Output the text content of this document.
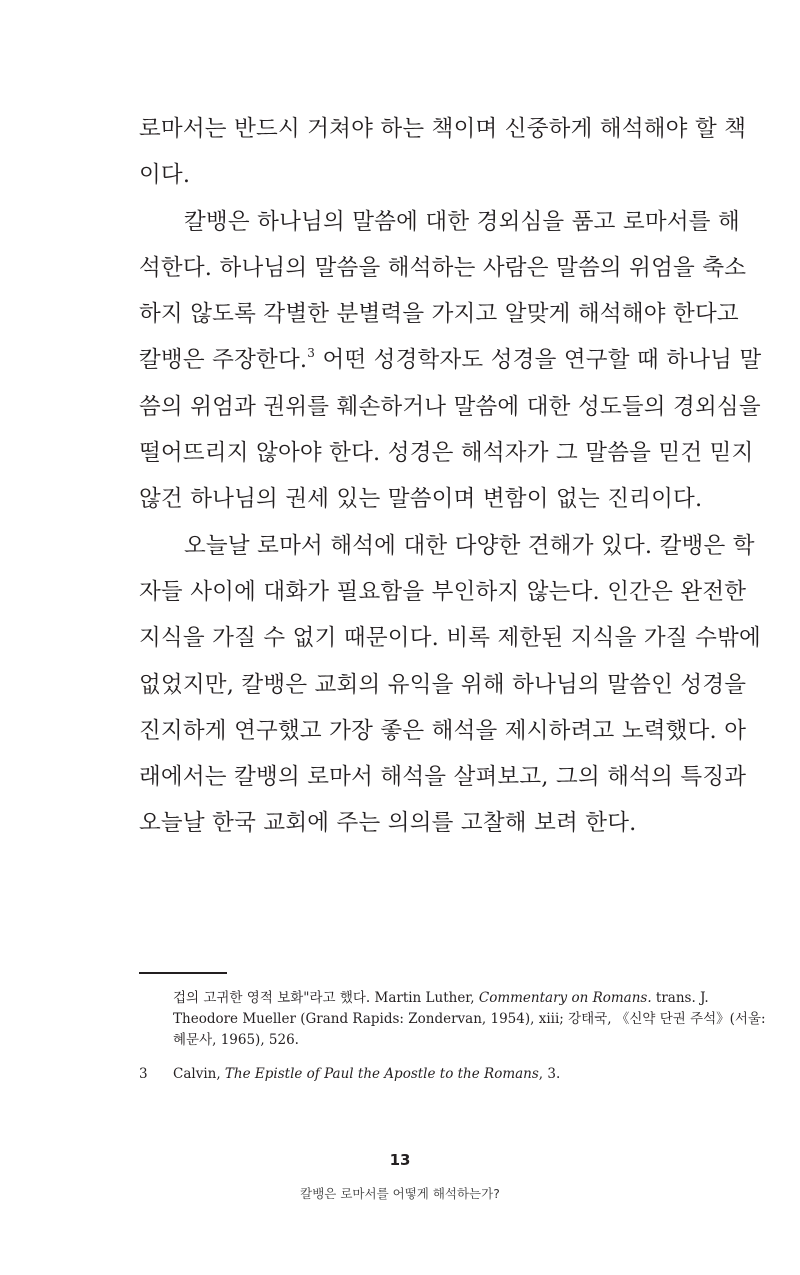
로마서는 반드시 거쳐야 하는 책이며 신중하게 해석해야 할 책
이다.
칼뱅은 하나님의 말씀에 대한 경외심을 품고 로마서를 해
석한다. 하나님의 말씀을 해석하는 사람은 말씀의 위엄을 축소
하지 않도록 각별한 분별력을 가지고 알맞게 해석해야 한다고
칼뱅은 주장한다.$^3$ 어떤 성경학자도 성경을 연구할 때 하나님 말
씀의 위엄과 권위를 훼손하거나 말씀에 대한 성도들의 경외심을
떨어뜨리지 않아야 한다. 성경은 해석자가 그 말씀을 믿건 믿지
않건 하나님의 권세 있는 말씀이며 변함이 없는 진리이다.
오늘날 로마서 해석에 대한 다양한 견해가 있다. 칼뱅은 학
자들 사이에 대화가 필요함을 부인하지 않는다. 인간은 완전한
지식을 가질 수 없기 때문이다. 비록 제한된 지식을 가질 수밖에
없었지만, 칼뱅은 교회의 유익을 위해 하나님의 말씀인 성경을
진지하게 연구했고 가장 좋은 해석을 제시하려고 노력했다. 아
래에서는 칼뱅의 로마서 해석을 살펴보고, 그의 해석의 특징과
오늘날 한국 교회에 주는 의의를 고찰해 보려 한다.
겁의 고귀한 영적 보화"라고 했다. Martin Luther, Commentary on Romans. trans. J.
Theodore Mueller (Grand Rapids: Zondervan, 1954), xiii; 강태국, 《신약 단권 주석》(서울:
혜문사, 1965), 526.
3	Calvin, The Epistle of Paul the Apostle to the Romans, 3.
13
칼뱅은 로마서를 어떻게 해석하는가?
